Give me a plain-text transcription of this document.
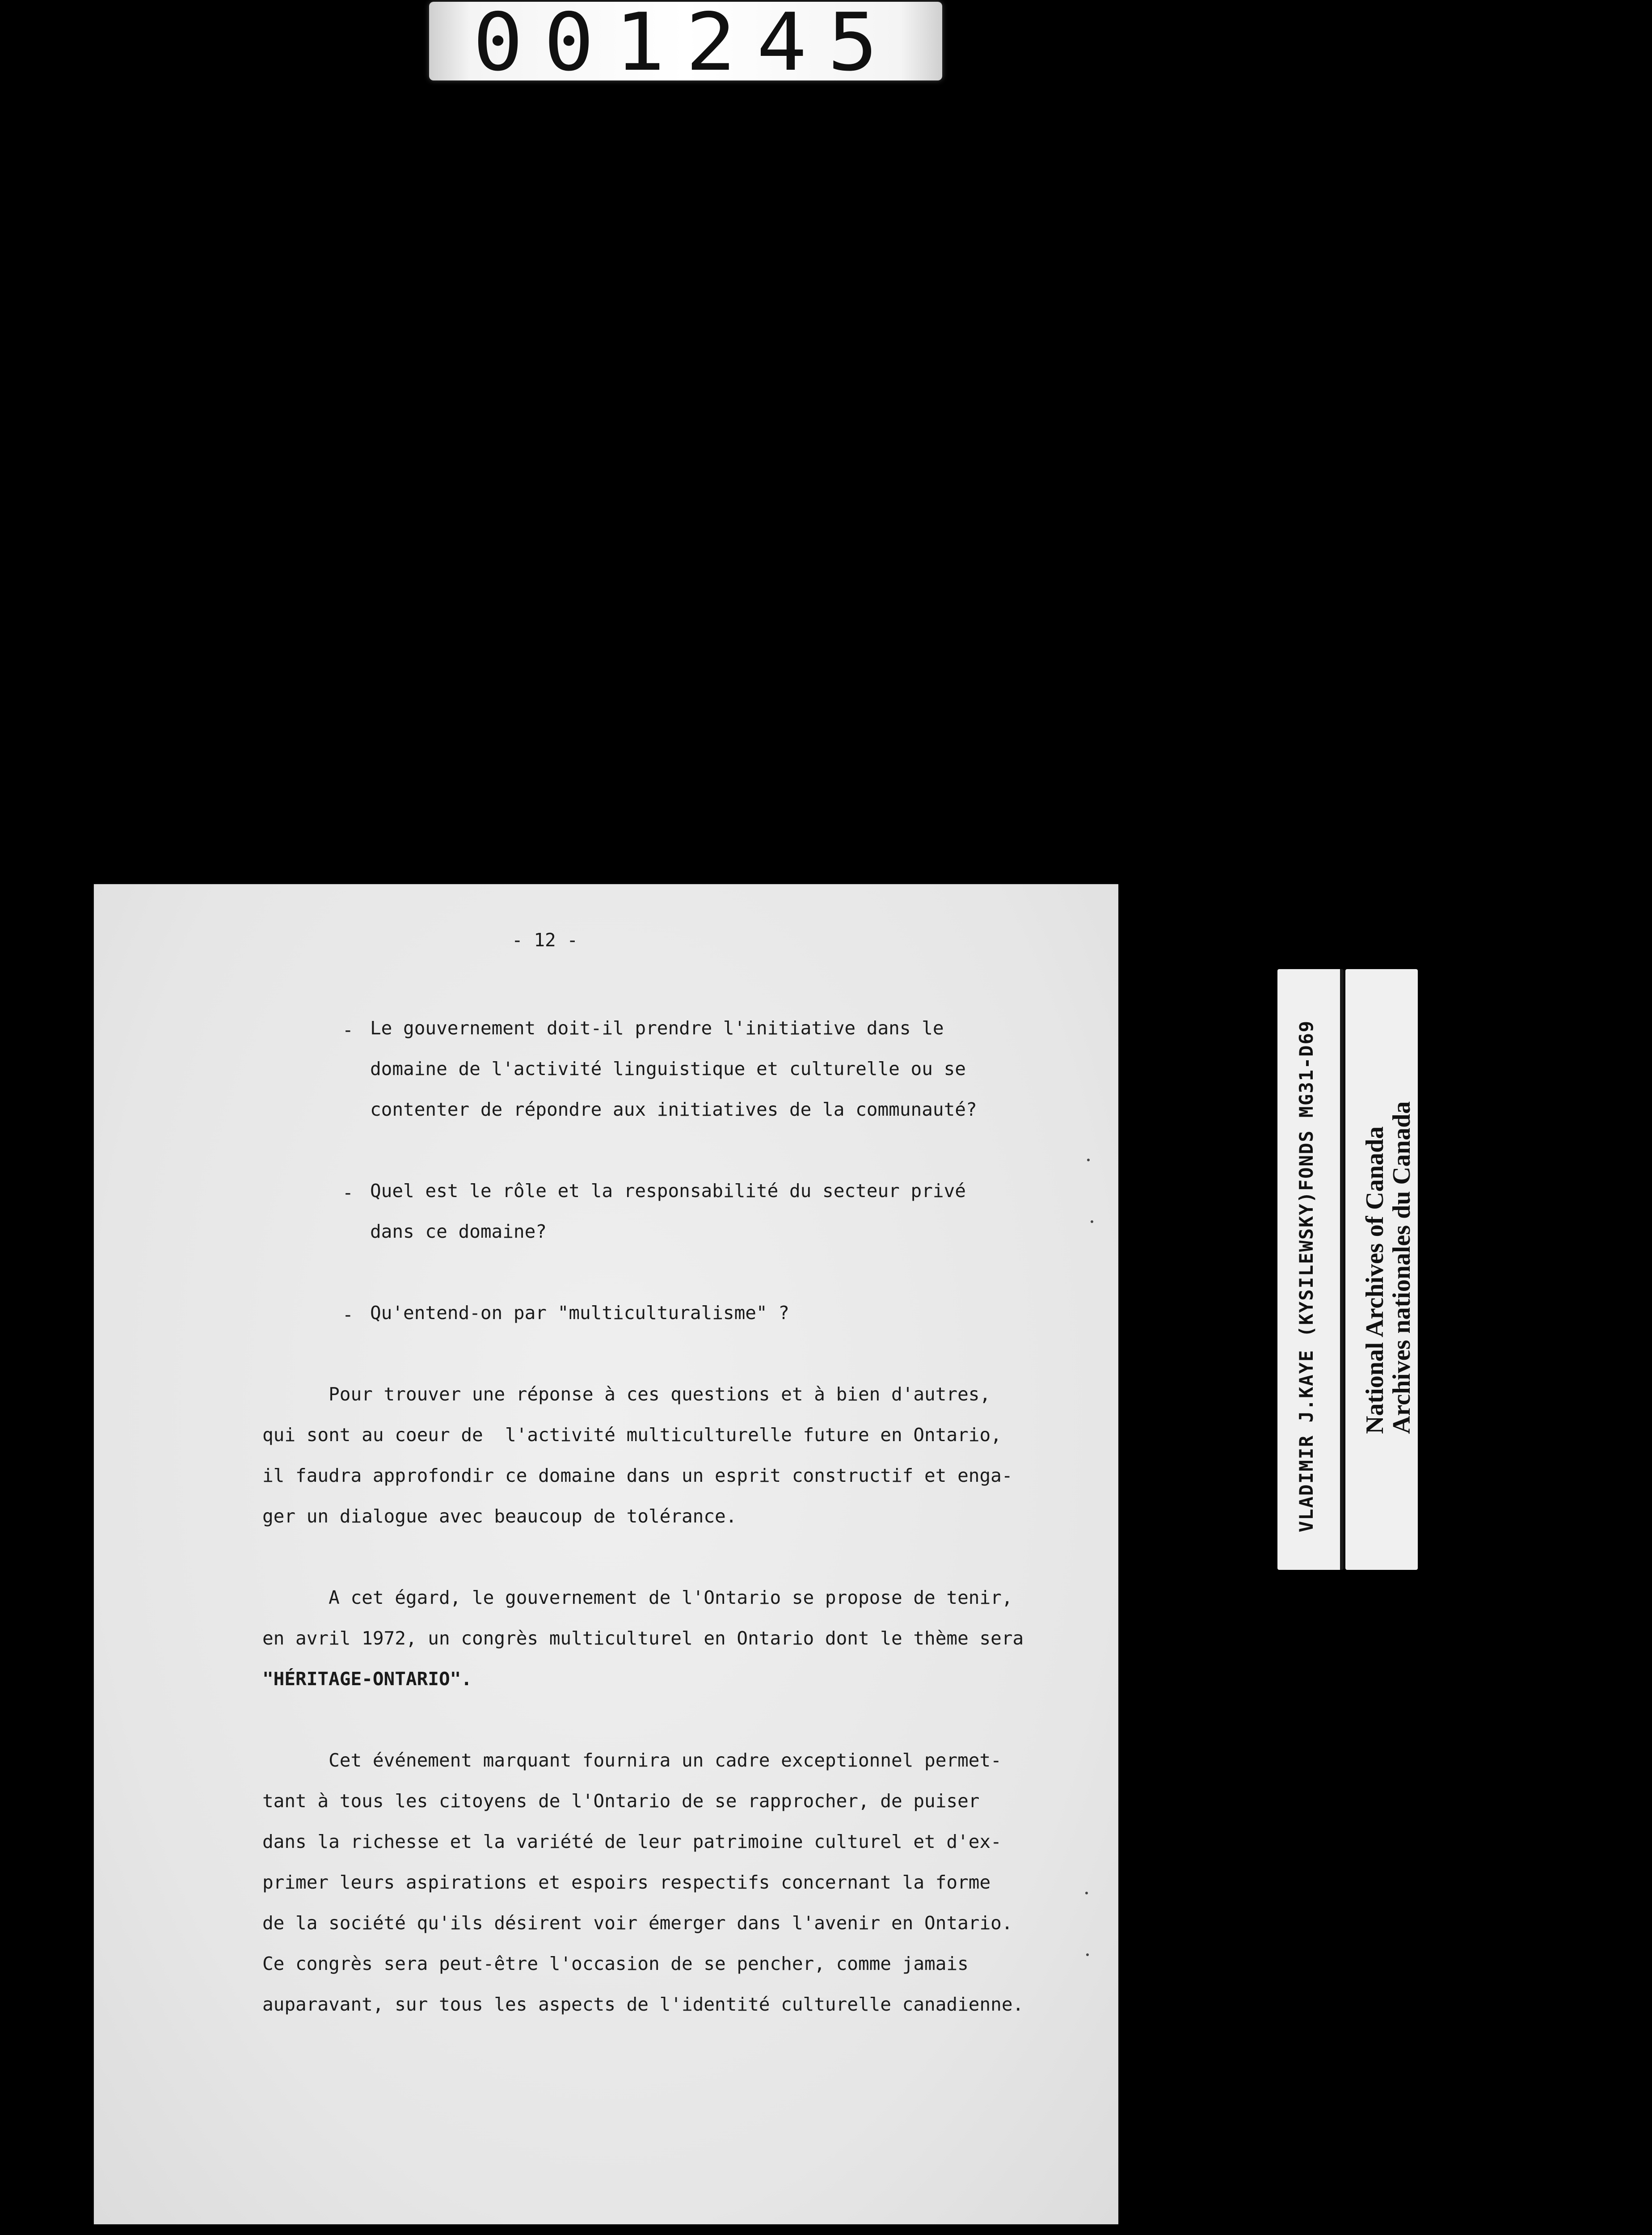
001245
- 12 -
- Le gouvernement doit-il prendre l'initiative dans le
domaine de l'activité linguistique et culturelle ou se
contenter de répondre aux initiatives de la communauté?
- Quel est le rôle et la responsabilité du secteur privé
dans ce domaine?
- Qu'entend-on par "multiculturalisme" ?
Pour trouver une réponse à ces questions et à bien d'autres,
qui sont au coeur de  l'activité multiculturelle future en Ontario,
il faudra approfondir ce domaine dans un esprit constructif et enga-
ger un dialogue avec beaucoup de tolérance.
A cet égard, le gouvernement de l'Ontario se propose de tenir,
en avril 1972, un congrès multiculturel en Ontario dont le thème sera
"HÉRITAGE-ONTARIO".
Cet événement marquant fournira un cadre exceptionnel permet-
tant à tous les citoyens de l'Ontario de se rapprocher, de puiser
dans la richesse et la variété de leur patrimoine culturel et d'ex-
primer leurs aspirations et espoirs respectifs concernant la forme
de la société qu'ils désirent voir émerger dans l'avenir en Ontario.
Ce congrès sera peut-être l'occasion de se pencher, comme jamais
auparavant, sur tous les aspects de l'identité culturelle canadienne.
VLADIMIR J.KAYE (KYSILEWSKY)FONDS MG31-D69 National Archives of Canada
Archives nationales du Canada
